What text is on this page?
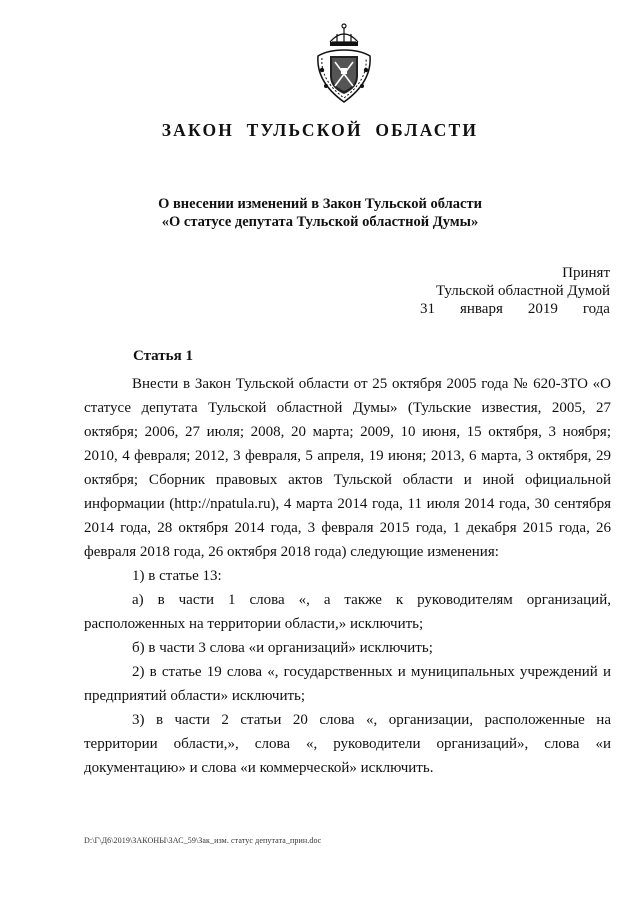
ЗАКОН ТУЛЬСКОЙ ОБЛАСТИ
О внесении изменений в Закон Тульской области
«О статусе депутата Тульской областной Думы»
Принят
Тульской областной Думой
31 января 2019 года
Статья 1

Внести в Закон Тульской области от 25 октября 2005 года № 620-ЗТО «О статусе депутата Тульской областной Думы» (Тульские известия, 2005, 27 октября; 2006, 27 июля; 2008, 20 марта; 2009, 10 июня, 15 октября, 3 ноября; 2010, 4 февраля; 2012, 3 февраля, 5 апреля, 19 июня; 2013, 6 марта, 3 октября, 29 октября; Сборник правовых актов Тульской области и иной официальной информации (http://npatula.ru), 4 марта 2014 года, 11 июля 2014 года, 30 сентября 2014 года, 28 октября 2014 года, 3 февраля 2015 года, 1 декабря 2015 года, 26 февраля 2018 года, 26 октября 2018 года) следующие изменения:

1) в статье 13:

а) в части 1 слова «, а также к руководителям организаций, расположенных на территории области,» исключить;

б) в части 3 слова «и организаций» исключить;

2) в статье 19 слова «, государственных и муниципальных учреждений и предприятий области» исключить;

3) в части 2 статьи 20 слова «, организации, расположенные на территории области,», слова «, руководители организаций», слова «и документацию» и слова «и коммерческой» исключить.

D:\Г\Д6\2019\ЗАКОНЫ\ЗАС_59\Зак_изм. статус депутата_прин.doc
